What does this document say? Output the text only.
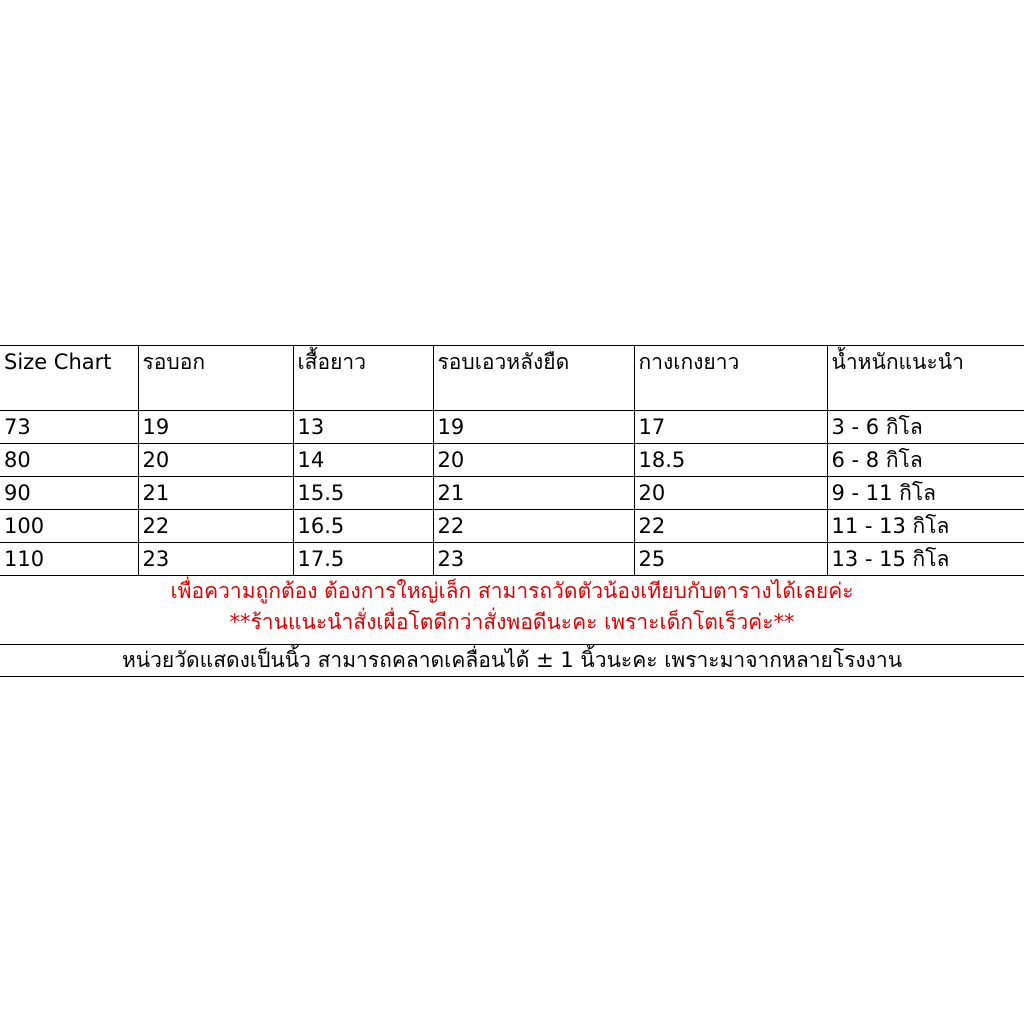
Size Chart	รอบอก	เสื้อยาว	รอบเอวหลังยืด	กางเกงยาว	น้ำหนักแนะนำ
73	19	13	19	17	3 - 6 กิโล
80	20	14	20	18.5	6 - 8 กิโล
90	21	15.5	21	20	9 - 11 กิโล
100	22	16.5	22	22	11 - 13 กิโล
110	23	17.5	23	25	13 - 15 กิโล

เพื่อความถูกต้อง ต้องการใหญ่เล็ก สามารถวัดตัวน้องเทียบกับตารางได้เลยค่ะ
**ร้านแนะนำสั่งเผื่อโตดีกว่าสั่งพอดีนะคะ เพราะเด็กโตเร็วค่ะ**					

หน่วยวัดแสดงเป็นนิ้ว สามารถคลาดเคลื่อนได้ ± 1 นิ้วนะคะ เพราะมาจากหลายโรงงาน					
